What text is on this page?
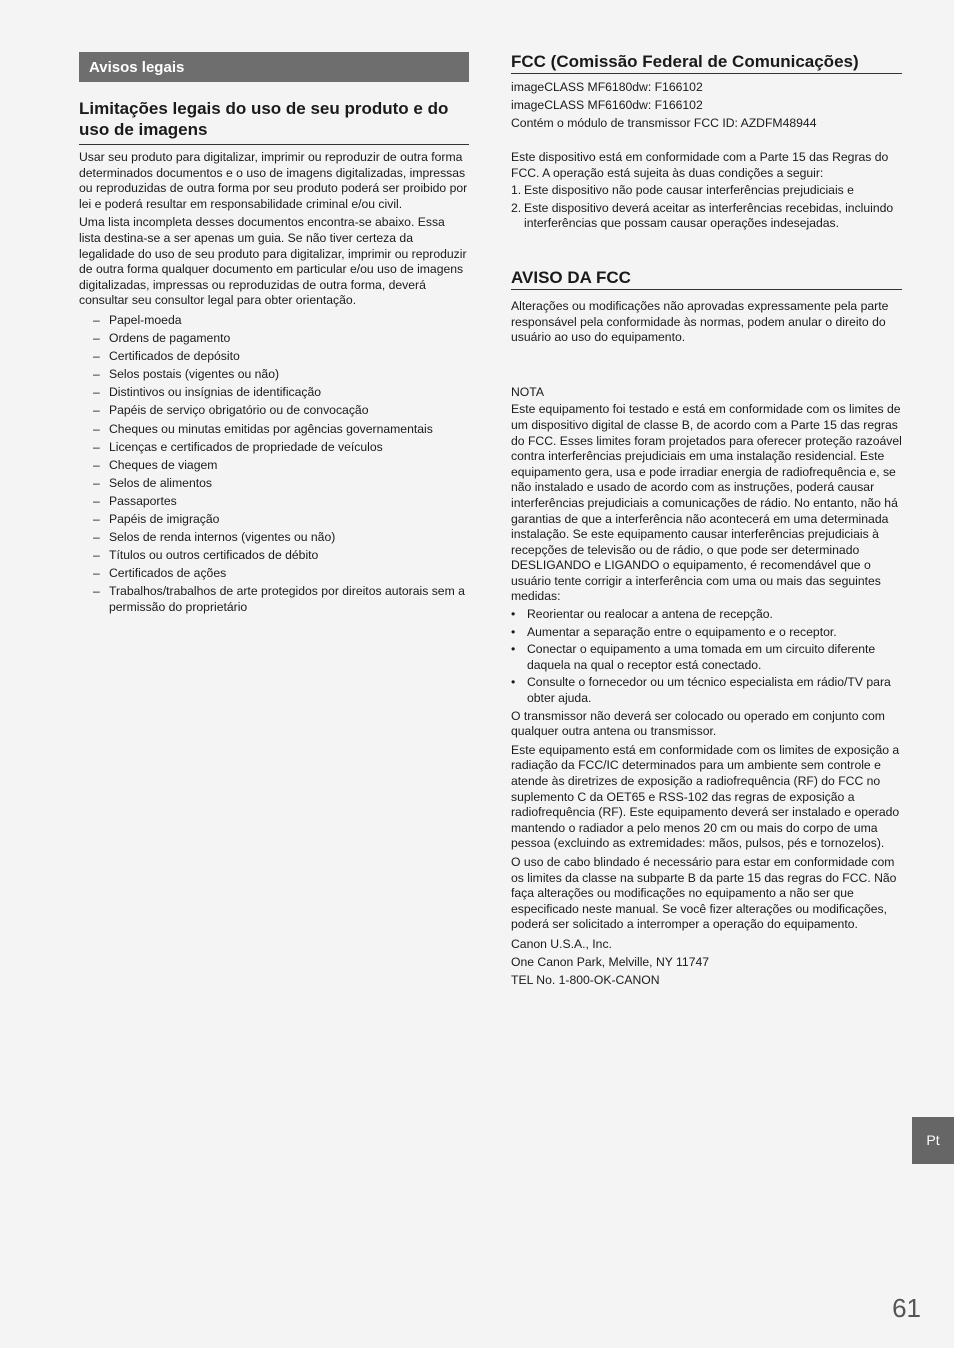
Avisos legais
Limitações legais do uso de seu produto e do uso de imagens

Usar seu produto para digitalizar, imprimir ou reproduzir de outra forma determinados documentos e o uso de imagens digitalizadas, impressas ou reproduzidas de outra forma por seu produto poderá ser proibido por lei e poderá resultar em responsabilidade criminal e/ou civil.

Uma lista incompleta desses documentos encontra-se abaixo. Essa lista destina-se a ser apenas um guia. Se não tiver certeza da legalidade do uso de seu produto para digitalizar, imprimir ou reproduzir de outra forma qualquer documento em particular e/ou uso de imagens digitalizadas, impressas ou reproduzidas de outra forma, deverá consultar seu consultor legal para obter orientação.

– Papel-moeda
– Ordens de pagamento
– Certificados de depósito
– Selos postais (vigentes ou não)
– Distintivos ou insígnias de identificação
– Papéis de serviço obrigatório ou de convocação
– Cheques ou minutas emitidas por agências governamentais
– Licenças e certificados de propriedade de veículos
– Cheques de viagem
– Selos de alimentos
– Passaportes
– Papéis de imigração
– Selos de renda internos (vigentes ou não)
– Títulos ou outros certificados de débito
– Certificados de ações
– Trabalhos/trabalhos de arte protegidos por direitos autorais sem a permissão do proprietário
FCC (Comissão Federal de Comunicações)

imageCLASS MF6180dw: F166102

imageCLASS MF6160dw: F166102

Contém o módulo de transmissor FCC ID: AZDFM48944

Este dispositivo está em conformidade com a Parte 15 das Regras do FCC. A operação está sujeita às duas condições a seguir:

1. Este dispositivo não pode causar interferências prejudiciais e
2. Este dispositivo deverá aceitar as interferências recebidas, incluindo interferências que possam causar operações indesejadas.
AVISO DA FCC

Alterações ou modificações não aprovadas expressamente pela parte responsável pela conformidade às normas, podem anular o direito do usuário ao uso do equipamento.

NOTA

Este equipamento foi testado e está em conformidade com os limites de um dispositivo digital de classe B, de acordo com a Parte 15 das regras do FCC. Esses limites foram projetados para oferecer proteção razoável contra interferências prejudiciais em uma instalação residencial. Este equipamento gera, usa e pode irradiar energia de radiofrequência e, se não instalado e usado de acordo com as instruções, poderá causar interferências prejudiciais a comunicações de rádio. No entanto, não há garantias de que a interferência não acontecerá em uma determinada instalação. Se este equipamento causar interferências prejudiciais à recepções de televisão ou de rádio, o que pode ser determinado DESLIGANDO e LIGANDO o equipamento, é recomendável que o usuário tente corrigir a interferência com uma ou mais das seguintes medidas:

• Reorientar ou realocar a antena de recepção.
• Aumentar a separação entre o equipamento e o receptor.
• Conectar o equipamento a uma tomada em um circuito diferente daquela na qual o receptor está conectado.
• Consulte o fornecedor ou um técnico especialista em rádio/TV para obter ajuda.

O transmissor não deverá ser colocado ou operado em conjunto com qualquer outra antena ou transmissor.

Este equipamento está em conformidade com os limites de exposição a radiação da FCC/IC determinados para um ambiente sem controle e atende às diretrizes de exposição a radiofrequência (RF) do FCC no suplemento C da OET65 e RSS-102 das regras de exposição a radiofrequência (RF). Este equipamento deverá ser instalado e operado mantendo o radiador a pelo menos 20 cm ou mais do corpo de uma pessoa (excluindo as extremidades: mãos, pulsos, pés e tornozelos).

O uso de cabo blindado é necessário para estar em conformidade com os limites da classe na subparte B da parte 15 das regras do FCC. Não faça alterações ou modificações no equipamento a não ser que especificado neste manual. Se você fizer alterações ou modificações, poderá ser solicitado a interromper a operação do equipamento.

Canon U.S.A., Inc.

One Canon Park, Melville, NY 11747

TEL No. 1-800-OK-CANON

Pt
61
